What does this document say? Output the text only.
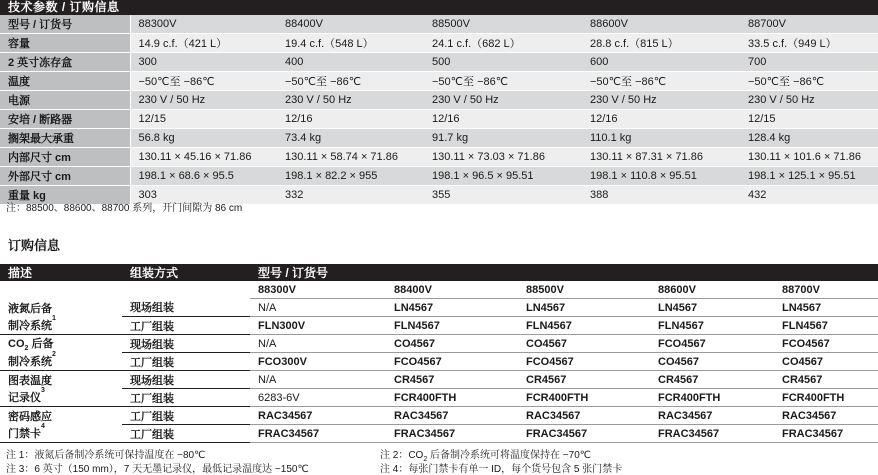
技术参数 / 订购信息
型号 / 订货号	88300V	88400V	88500V	88600V	88700V
容量	14.9 c.f.（421 L）	19.4 c.f.（548 L）	24.1 c.f.（682 L）	28.8 c.f.（815 L）	33.5 c.f.（949 L）
2 英寸冻存盒	300	400	500	600	700
温度	−50℃至 −86℃	−50℃至 −86℃	−50℃至 −86℃	−50℃至 −86℃	−50℃至 −86℃
电源	230 V / 50 Hz	230 V / 50 Hz	230 V / 50 Hz	230 V / 50 Hz	230 V / 50 Hz
安培 / 断路器	12/15	12/16	12/16	12/16	12/15
搁架最大承重	56.8 kg	73.4 kg	91.7 kg	110.1 kg	128.4 kg
内部尺寸 cm	130.11 × 45.16 × 71.86	130.11 × 58.74 × 71.86	130.11 × 73.03 × 71.86	130.11 × 87.31 × 71.86	130.11 × 101.6 × 71.86
外部尺寸 cm	198.1 × 68.6 × 95.5	198.1 × 82.2 × 955	198.1 × 96.5 × 95.51	198.1 × 110.8 × 95.51	198.1 × 125.1 × 95.51
重量 kg	303	332	355	388	432
注：88500、88600、88700 系列，开门间隙为 86 cm
订购信息
描述	组装方式	型号 / 订货号				
		88300V	88400V	88500V	88600V	88700V
液氮后备	现场组装	N/A	LN4567	LN4567	LN4567	LN4567
制冷系统$^1$	工厂组装	FLN300V	FLN4567	FLN4567	FLN4567	FLN4567
$CO_2$ 后备	现场组装	N/A	CO4567	CO4567	FCO4567	FCO4567
制冷系统$^2$	工厂组装	FCO300V	FCO4567	FCO4567	CO4567	CO4567
图表温度	现场组装	N/A	CR4567	CR4567	CR4567	CR4567
记录仪$^3$	工厂组装	6283-6V	FCR400FTH	FCR400FTH	FCR400FTH	FCR400FTH
密码感应	工厂组装	RAC34567	RAC34567	RAC34567	RAC34567	RAC34567
门禁卡$^4$	工厂组装	FRAC34567	FRAC34567	FRAC34567	FRAC34567	FRAC34567
注 1：液氮后备制冷系统可保持温度在 −80℃	注 2：$CO_2$ 后备制冷系统可将温度保持在 −70℃
注 3：6 英寸（150 mm），7 天无墨记录仪，最低记录温度达 −150℃	注 4：每张门禁卡有单一 ID，每个货号包含 5 张门禁卡
